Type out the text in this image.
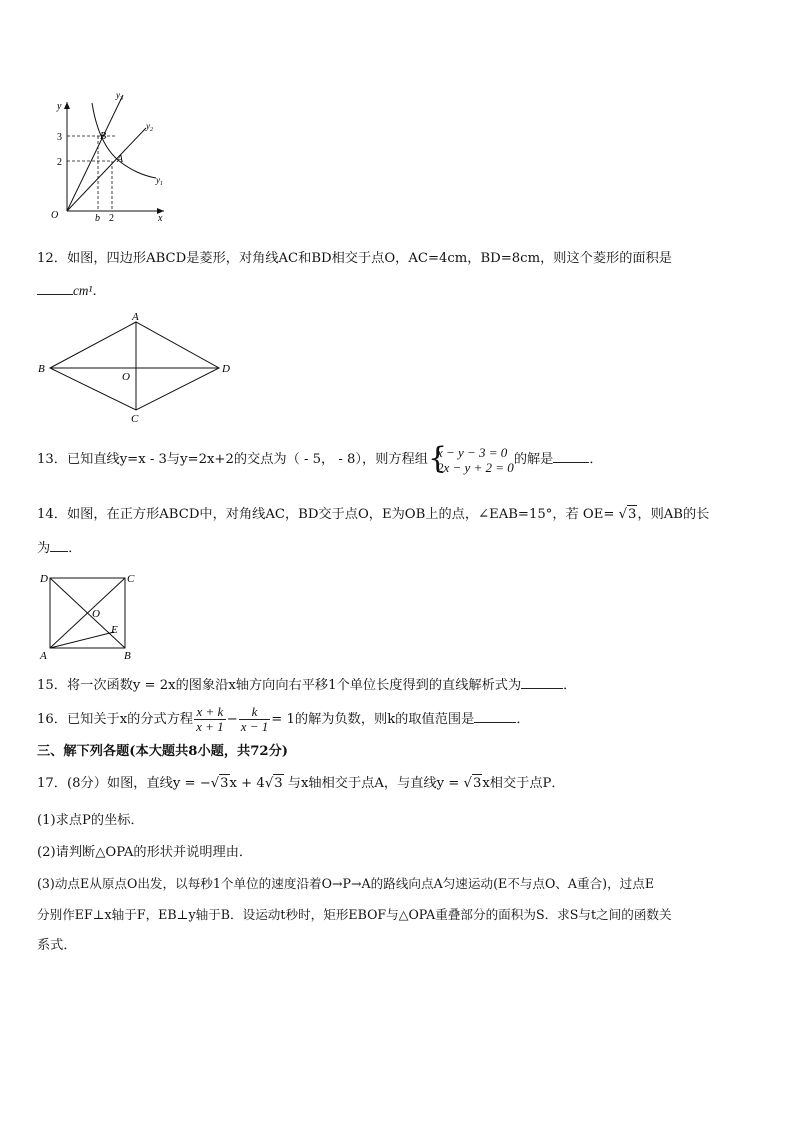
y
x
O
3
2
b 2
$y_3$
$y_2$
$y_1$
B
A
12．如图，四边形ABCD是菱形，对角线AC和BD相交于点O，AC=4cm，BD=8cm，则这个菱形的面积是
cm¹．
A
B
C
D
O
13．已知直线y=x - 3与y=2x+2的交点为（ - 5， - 8），则方程组 {
x − y − 3 = 0
2x − y + 2 = 0 的解是	．
14．如图，在正方形ABCD中，对角线AC，BD交于点O，E为OB上的点，∠EAB=15°，若 OE= √3，则AB的长
为 ．
D	C
O
E
A	B
15．将一次函数y = 2x的图象沿x轴方向向右平移1个单位长度得到的直线解析式为	．
16．已知关于x的分式方程 $\frac{x + k}{x + 1} - \frac{k}{x - 1} = 1$的解为负数，则k的取值范围是	．
三、解下列各题(本大题共8小题，共72分)
17．(8分）如图，直线y = −√3x + 4√3 与x轴相交于点A，与直线y = √3x相交于点P．
(1)求点P的坐标．
(2)请判断△OPA的形状并说明理由．
(3)动点E从原点O出发，以每秒1个单位的速度沿着O→P→A的路线向点A匀速运动(E不与点O、A重合)，过点E
分别作EF⊥x轴于F，EB⊥y轴于B．设运动t秒时，矩形EBOF与△OPA重叠部分的面积为S．求S与t之间的函数关
系式．
